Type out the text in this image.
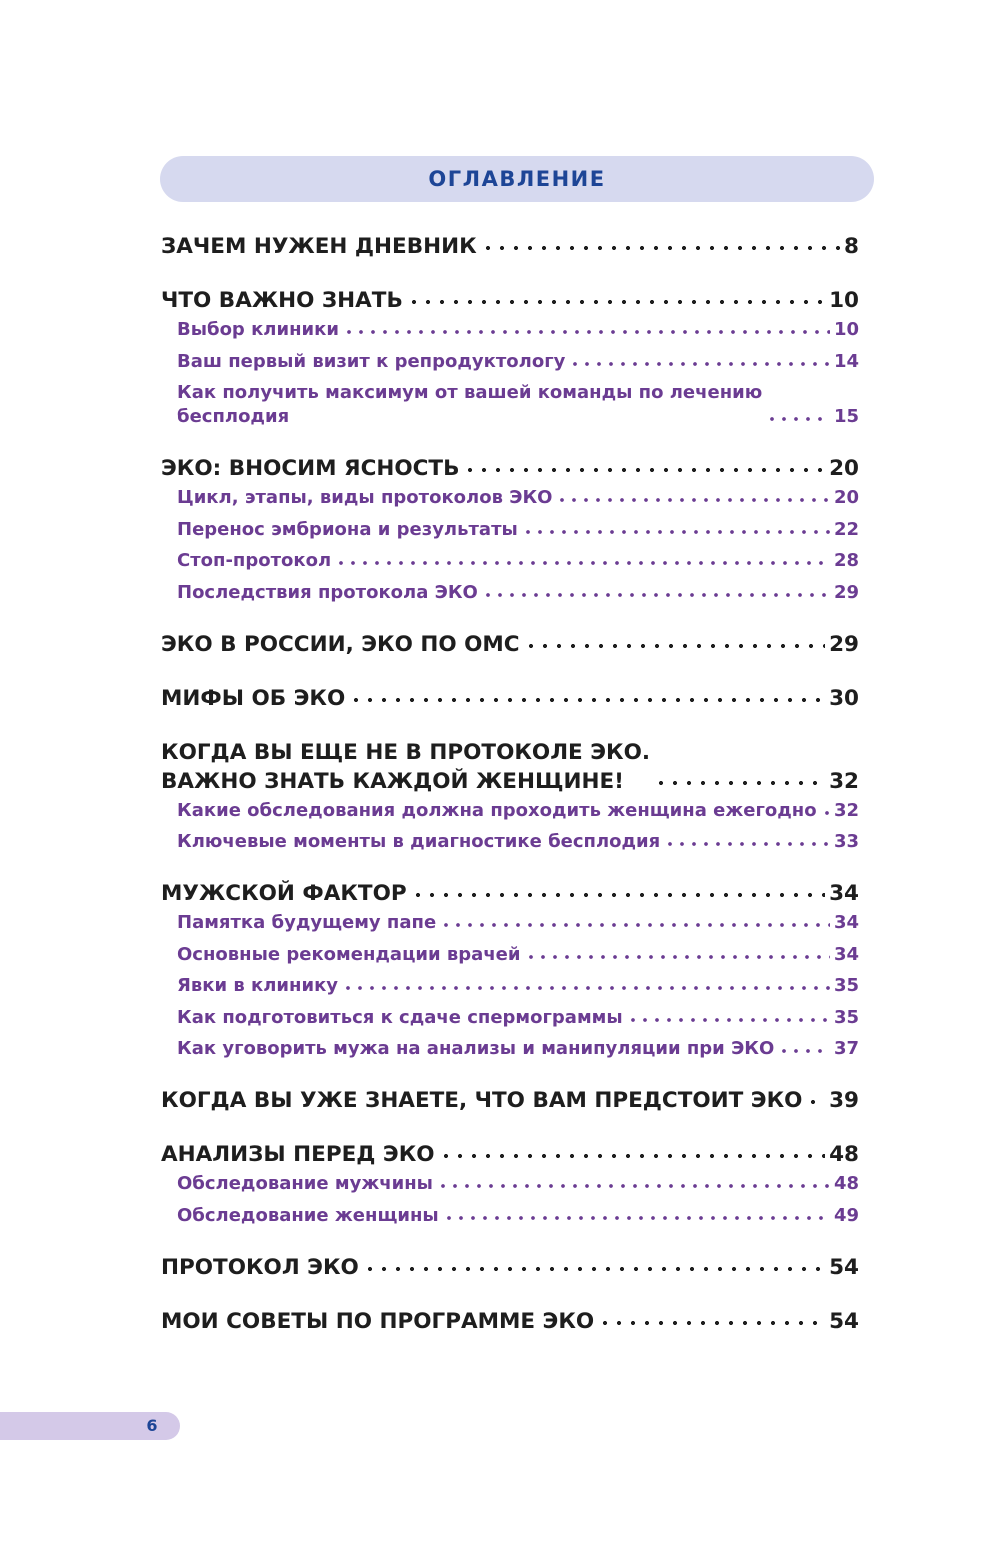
ОГЛАВЛЕНИЕ
ЗАЧЕМ НУЖЕН ДНЕВНИК	8
ЧТО ВАЖНО ЗНАТЬ	10
Выбор клиники	10
Ваш первый визит к репродуктологу	14
Как получить максимум от вашей команды по лечению
бесплодия	15
ЭКО: ВНОСИМ ЯСНОСТЬ	20
Цикл, этапы, виды протоколов ЭКО	20
Перенос эмбриона и результаты	22
Стоп-протокол	28
Последствия протокола ЭКО	29
ЭКО В РОССИИ, ЭКО ПО ОМС	29
МИФЫ ОБ ЭКО	30
КОГДА ВЫ ЕЩЕ НЕ В ПРОТОКОЛЕ ЭКО.
ВАЖНО ЗНАТЬ КАЖДОЙ ЖЕНЩИНЕ!	32
Какие обследования должна проходить женщина ежегодно 32
Ключевые моменты в диагностике бесплодия	33
МУЖСКОЙ ФАКТОР	34
Памятка будущему папе	34
Основные рекомендации врачей	34
Явки в клинику	35
Как подготовиться к сдаче спермограммы	35
Как уговорить мужа на анализы и манипуляции при ЭКО	37
КОГДА ВЫ УЖЕ ЗНАЕТЕ, ЧТО ВАМ ПРЕДСТОИТ ЭКО 39
АНАЛИЗЫ ПЕРЕД ЭКО	48
Обследование мужчины	48
Обследование женщины	49
ПРОТОКОЛ ЭКО	54
МОИ СОВЕТЫ ПО ПРОГРАММЕ ЭКО	54
6
